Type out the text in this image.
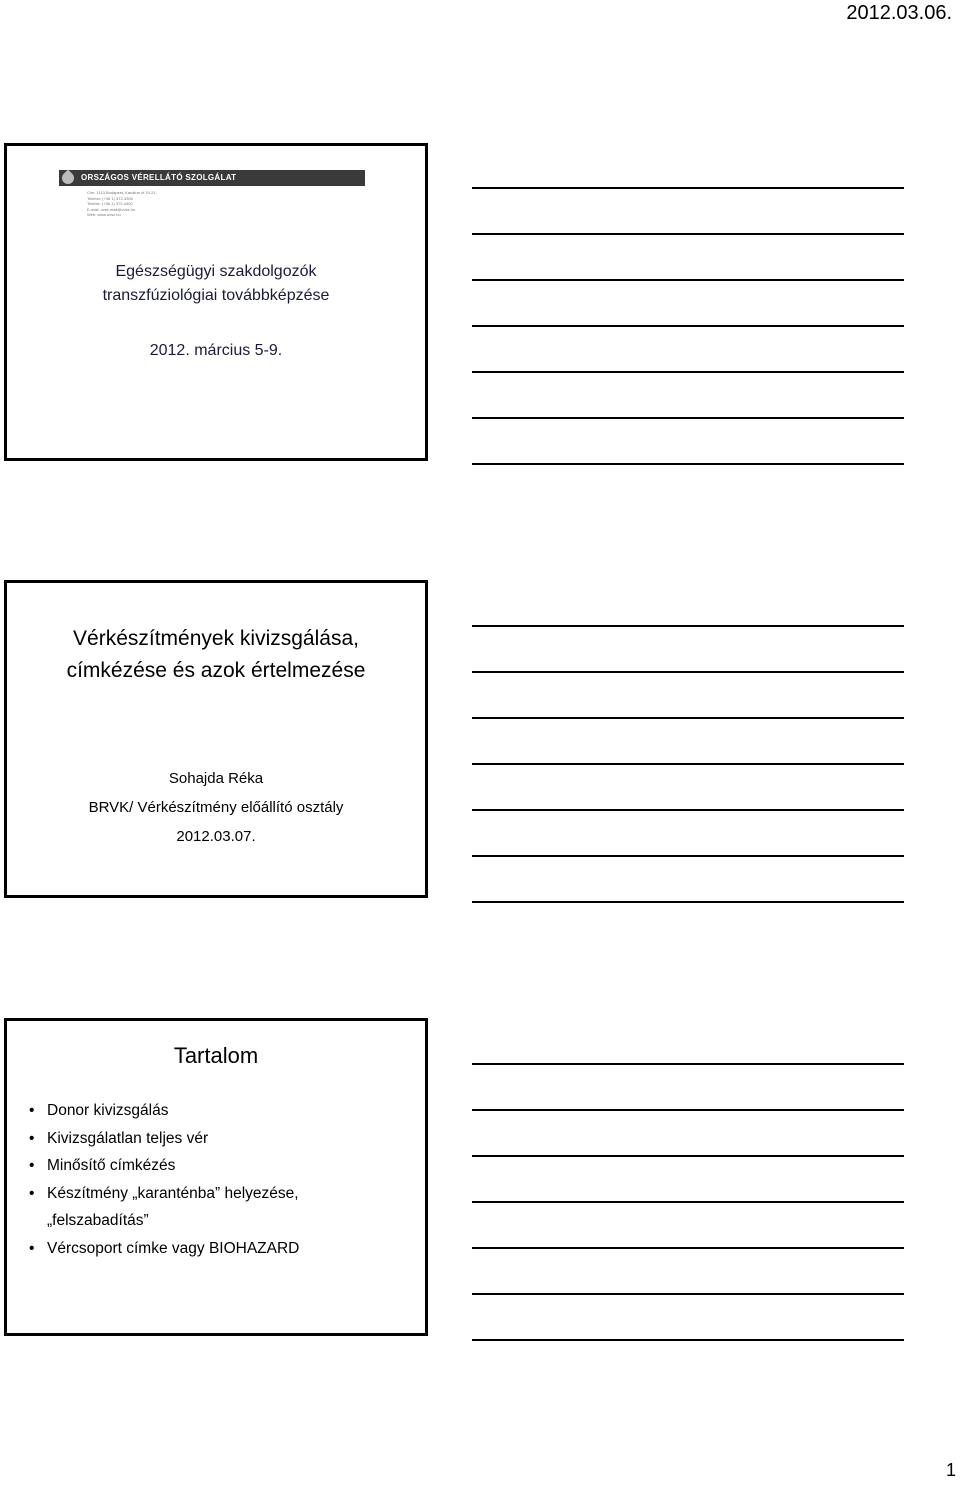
2012.03.06.
ORSZÁGOS VÉRELLÁTÓ SZOLGÁLAT
Cím: 1113 Budapest, Karolina út 19-21.
Telefon: (+36 1) 372-4300
Telefax: (+36 1) 372-4400
E-mail: ovsz.mail@ovsz.hu
Web: www.ovsz.hu
Egészségügyi szakdolgozók
transzfúziológiai továbbképzése
2012. március 5-9.
Vérkészítmények kivizsgálása,
címkézése és azok értelmezése
Sohajda Réka
BRVK/ Vérkészítmény előállító osztály
2012.03.07.
Tartalom
• Donor kivizsgálás
• Kivizsgálatlan teljes vér
• Minősítő címkézés
• Készítmény „karanténba” helyezése,
„felszabadítás”
• Vércsoport címke vagy BIOHAZARD
1
